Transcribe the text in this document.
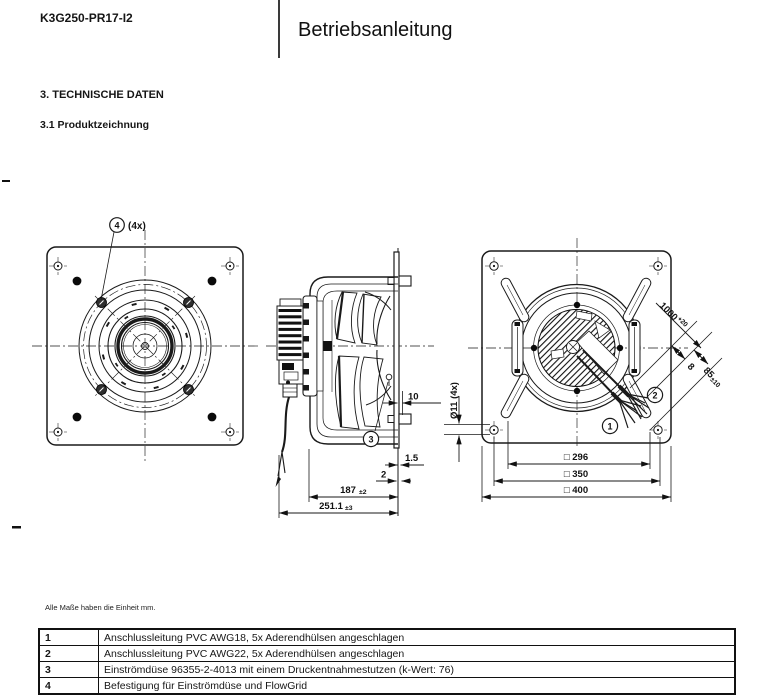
K3G250-PR17-I2
Betriebsanleitung
3. TECHNISCHE DATEN
3.1 Produktzeichnung
4 (4x)
3
10
1.5
2
187 ±2
251.1 ±3
1
2
1000
+20
85
±10
8
Ø11 (4x)
□ 296
□ 350
□ 400
Alle Maße haben die Einheit mm.
1	Anschlussleitung PVC AWG18, 5x Aderendhülsen angeschlagen
2	Anschlussleitung PVC AWG22, 5x Aderendhülsen angeschlagen
3	Einströmdüse 96355-2-4013 mit einem Druckentnahmestutzen (k-Wert: 76)
4	Befestigung für Einströmdüse und FlowGrid
